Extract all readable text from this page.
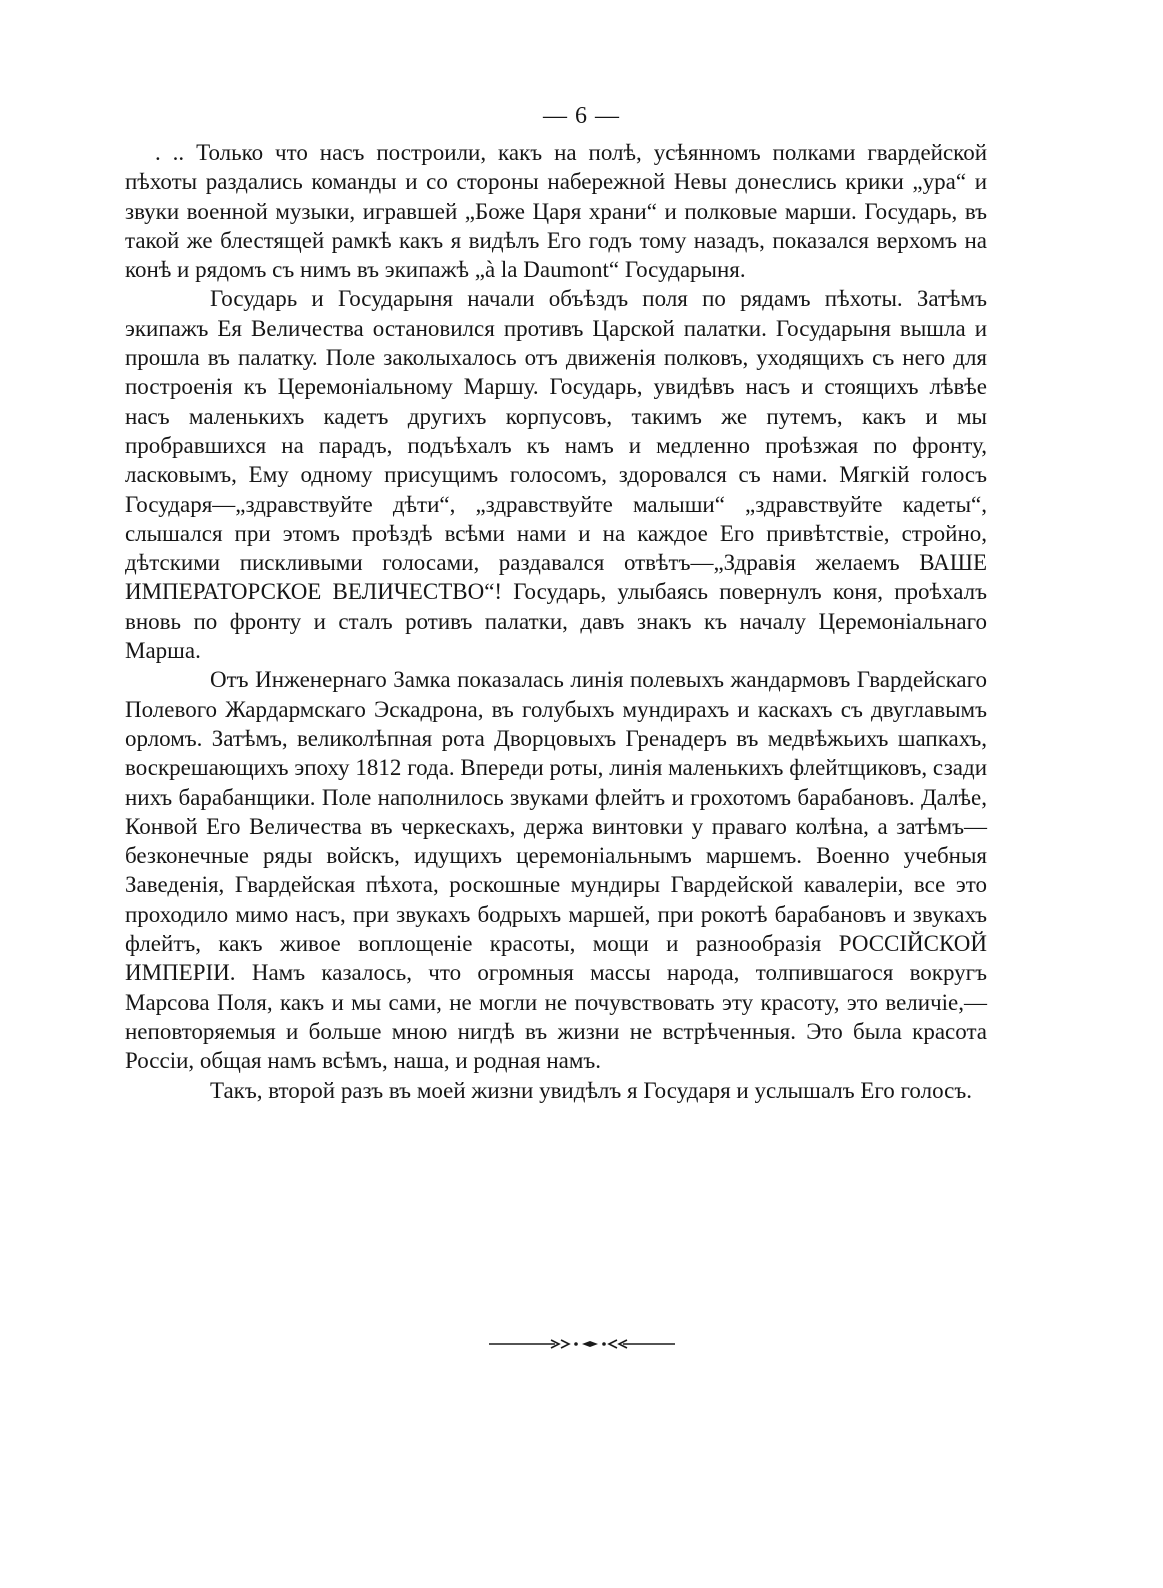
— 6 —

. .. Только что насъ построили, какъ на полѣ, усѣянномъ полками гвардейской пѣхоты раздались команды и со стороны набережной Невы донеслись крики „ура“ и звуки военной музыки, игравшей „Боже Царя храни“ и полковые марши. Государь, въ такой же блестящей рамкѣ какъ я видѣлъ Его годъ тому назадъ, показался верхомъ на конѣ и рядомъ съ нимъ въ экипажѣ „à la Daumont“ Государыня.

Государь и Государыня начали объѣздъ поля по рядамъ пѣхоты. Затѣмъ экипажъ Ея Величества остановился противъ Царской палатки. Государыня вышла и прошла въ палатку. Поле заколыхалось отъ движенія полковъ, уходящихъ съ него для построенія къ Церемоніальному Маршу. Государь, увидѣвъ насъ и стоящихъ лѣвѣе насъ маленькихъ кадетъ другихъ корпусовъ, такимъ же путемъ, какъ и мы пробравшихся на парадъ, подъѣхалъ къ намъ и медленно проѣзжая по фронту, ласковымъ, Ему одному присущимъ голосомъ, здоровался съ нами. Мягкій голосъ Государя—„здравствуйте дѣти“, „здравствуйте малыши“ „здравствуйте кадеты“, слышался при этомъ проѣздѣ всѣми нами и на каждое Его привѣтствіе, стройно, дѣтскими пискливыми голосами, раздавался отвѣтъ—„Здравія желаемъ ВАШЕ ИМПЕРАТОРСКОЕ ВЕЛИЧЕСТВО“! Государь, улыбаясь повернулъ коня, проѣхалъ вновь по фронту и сталъ ротивъ палатки, давъ знакъ къ началу Церемоніальнаго Марша.

Отъ Инженернаго Замка показалась линія полевыхъ жандармовъ Гвардейскаго Полевого Жардармскаго Эскадрона, въ голубыхъ мундирахъ и каскахъ съ двуглавымъ орломъ. Затѣмъ, великолѣпная рота Дворцовыхъ Гренадеръ въ медвѣжьихъ шапкахъ, воскрешающихъ эпоху 1812 года. Впереди роты, линія маленькихъ флейтщиковъ, сзади нихъ барабанщики. Поле наполнилось звуками флейтъ и грохотомъ барабановъ. Далѣе, Конвой Его Величества въ черкескахъ, держа винтовки у праваго колѣна, а затѣмъ—безконечные ряды войскъ, идущихъ церемоніальнымъ маршемъ. Военно учебныя Заведенія, Гвардейская пѣхота, роскошные мундиры Гвардейской кавалеріи, все это проходило мимо насъ, при звукахъ бодрыхъ маршей, при рокотѣ барабановъ и звукахъ флейтъ, какъ живое воплощеніе красоты, мощи и разнообразія РОССІЙСКОЙ ИМПЕРІИ. Намъ казалось, что огромныя массы народа, толпившагося вокругъ Марсова Поля, какъ и мы сами, не могли не почувствовать эту красоту, это величіе,—неповторяемыя и больше мною нигдѣ въ жизни не встрѣченныя. Это была красота Россіи, общая намъ всѣмъ, наша, и родная намъ.

Такъ, второй разъ въ моей жизни увидѣлъ я Государя и услышалъ Его голосъ.
